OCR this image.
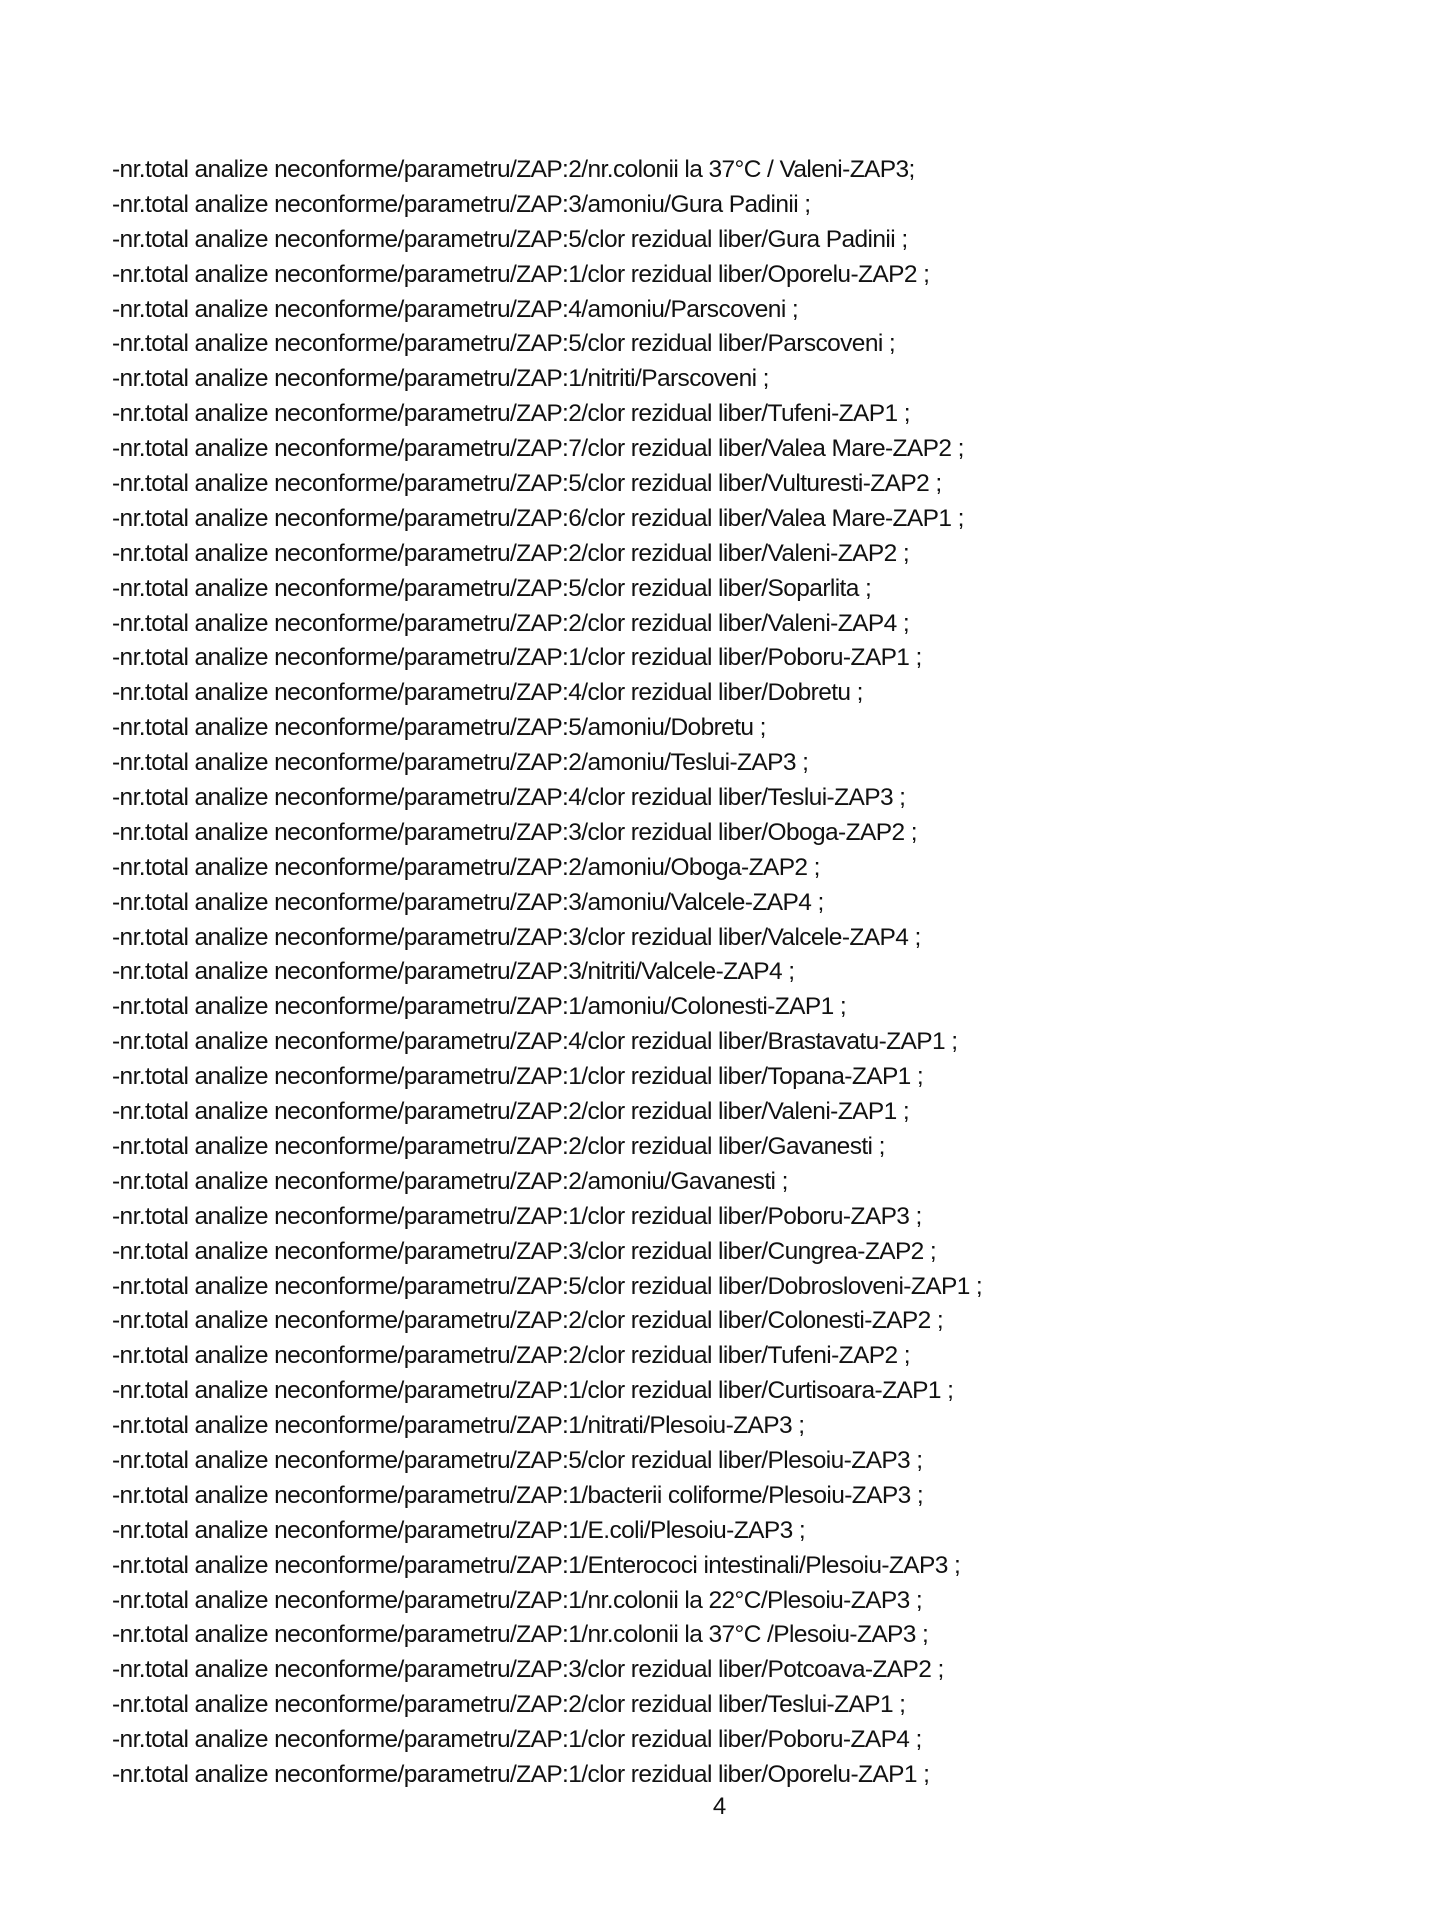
-nr.total analize neconforme/parametru/ZAP:2/nr.colonii la 37°C / Valeni-ZAP3;
-nr.total analize neconforme/parametru/ZAP:3/amoniu/Gura Padinii ;
-nr.total analize neconforme/parametru/ZAP:5/clor rezidual liber/Gura Padinii ;
-nr.total analize neconforme/parametru/ZAP:1/clor rezidual liber/Oporelu-ZAP2 ;
-nr.total analize neconforme/parametru/ZAP:4/amoniu/Parscoveni ;
-nr.total analize neconforme/parametru/ZAP:5/clor rezidual liber/Parscoveni ;
-nr.total analize neconforme/parametru/ZAP:1/nitriti/Parscoveni ;
-nr.total analize neconforme/parametru/ZAP:2/clor rezidual liber/Tufeni-ZAP1 ;
-nr.total analize neconforme/parametru/ZAP:7/clor rezidual liber/Valea Mare-ZAP2 ;
-nr.total analize neconforme/parametru/ZAP:5/clor rezidual liber/Vulturesti-ZAP2 ;
-nr.total analize neconforme/parametru/ZAP:6/clor rezidual liber/Valea Mare-ZAP1 ;
-nr.total analize neconforme/parametru/ZAP:2/clor rezidual liber/Valeni-ZAP2 ;
-nr.total analize neconforme/parametru/ZAP:5/clor rezidual liber/Soparlita ;
-nr.total analize neconforme/parametru/ZAP:2/clor rezidual liber/Valeni-ZAP4 ;
-nr.total analize neconforme/parametru/ZAP:1/clor rezidual liber/Poboru-ZAP1 ;
-nr.total analize neconforme/parametru/ZAP:4/clor rezidual liber/Dobretu ;
-nr.total analize neconforme/parametru/ZAP:5/amoniu/Dobretu ;
-nr.total analize neconforme/parametru/ZAP:2/amoniu/Teslui-ZAP3 ;
-nr.total analize neconforme/parametru/ZAP:4/clor rezidual liber/Teslui-ZAP3 ;
-nr.total analize neconforme/parametru/ZAP:3/clor rezidual liber/Oboga-ZAP2 ;
-nr.total analize neconforme/parametru/ZAP:2/amoniu/Oboga-ZAP2 ;
-nr.total analize neconforme/parametru/ZAP:3/amoniu/Valcele-ZAP4 ;
-nr.total analize neconforme/parametru/ZAP:3/clor rezidual liber/Valcele-ZAP4 ;
-nr.total analize neconforme/parametru/ZAP:3/nitriti/Valcele-ZAP4 ;
-nr.total analize neconforme/parametru/ZAP:1/amoniu/Colonesti-ZAP1 ;
-nr.total analize neconforme/parametru/ZAP:4/clor rezidual liber/Brastavatu-ZAP1 ;
-nr.total analize neconforme/parametru/ZAP:1/clor rezidual liber/Topana-ZAP1 ;
-nr.total analize neconforme/parametru/ZAP:2/clor rezidual liber/Valeni-ZAP1 ;
-nr.total analize neconforme/parametru/ZAP:2/clor rezidual liber/Gavanesti ;
-nr.total analize neconforme/parametru/ZAP:2/amoniu/Gavanesti ;
-nr.total analize neconforme/parametru/ZAP:1/clor rezidual liber/Poboru-ZAP3 ;
-nr.total analize neconforme/parametru/ZAP:3/clor rezidual liber/Cungrea-ZAP2 ;
-nr.total analize neconforme/parametru/ZAP:5/clor rezidual liber/Dobrosloveni-ZAP1 ;
-nr.total analize neconforme/parametru/ZAP:2/clor rezidual liber/Colonesti-ZAP2 ;
-nr.total analize neconforme/parametru/ZAP:2/clor rezidual liber/Tufeni-ZAP2 ;
-nr.total analize neconforme/parametru/ZAP:1/clor rezidual liber/Curtisoara-ZAP1 ;
-nr.total analize neconforme/parametru/ZAP:1/nitrati/Plesoiu-ZAP3 ;
-nr.total analize neconforme/parametru/ZAP:5/clor rezidual liber/Plesoiu-ZAP3 ;
-nr.total analize neconforme/parametru/ZAP:1/bacterii coliforme/Plesoiu-ZAP3 ;
-nr.total analize neconforme/parametru/ZAP:1/E.coli/Plesoiu-ZAP3 ;
-nr.total analize neconforme/parametru/ZAP:1/Enterococi intestinali/Plesoiu-ZAP3 ;
-nr.total analize neconforme/parametru/ZAP:1/nr.colonii la 22°C/Plesoiu-ZAP3 ;
-nr.total analize neconforme/parametru/ZAP:1/nr.colonii la 37°C /Plesoiu-ZAP3 ;
-nr.total analize neconforme/parametru/ZAP:3/clor rezidual liber/Potcoava-ZAP2 ;
-nr.total analize neconforme/parametru/ZAP:2/clor rezidual liber/Teslui-ZAP1 ;
-nr.total analize neconforme/parametru/ZAP:1/clor rezidual liber/Poboru-ZAP4 ;
-nr.total analize neconforme/parametru/ZAP:1/clor rezidual liber/Oporelu-ZAP1 ;
4
